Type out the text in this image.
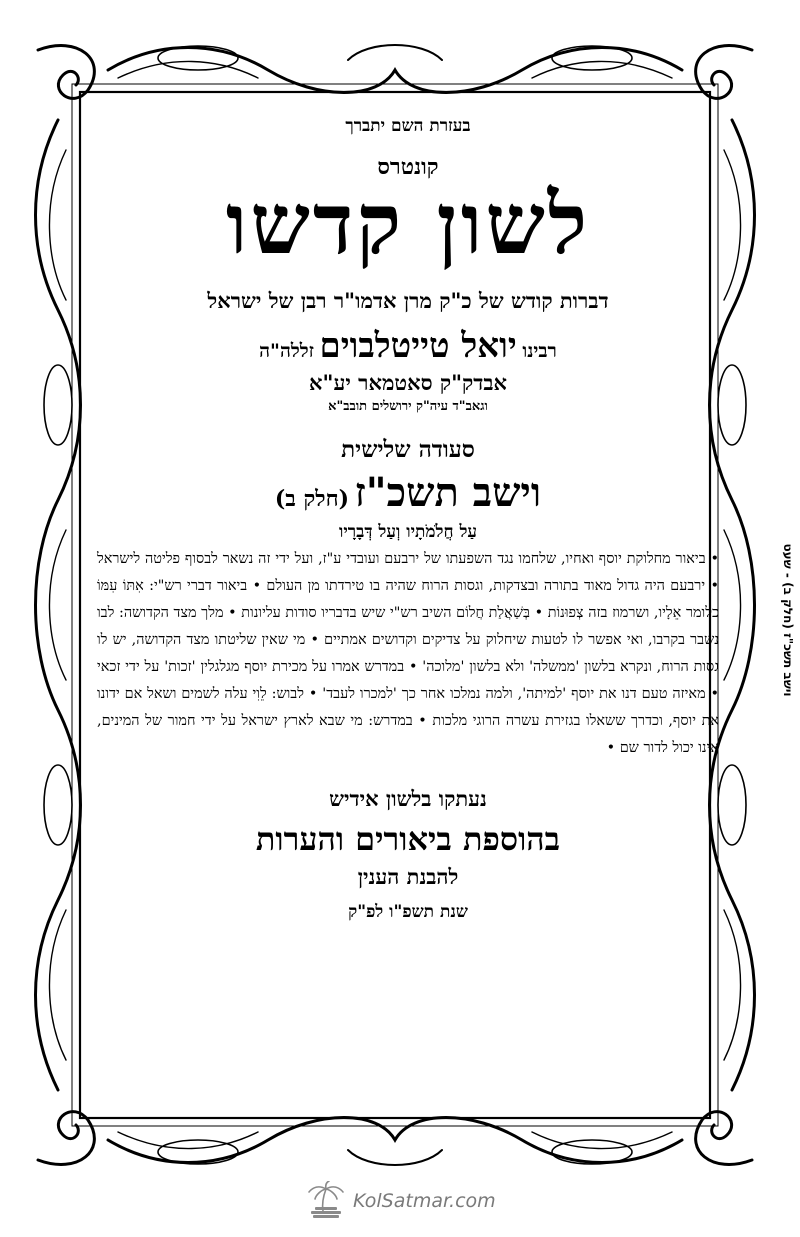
וישב תשכ"ז (חלק ב) - שעט

בעזרת השם יתברך

קונטרס

לשון קדשו

דברות קודש של כ"ק מרן אדמו"ר רבן של ישראל

רבינו יואל טייטלבוים זללה"ה

אבדק"ק סאטמאר יע"א

וגאב"ד עיה"ק ירושלים תובב"א

סעודה שלישית

וישב תשכ"ז (חלק ב)

עַל חֲלֹמֹתָיו וְעַל דְּבָרָיו

• ביאור מחלוקת יוסף ואחיו, שלחמו נגד השפעתו של ירבעם ועובדי ע"ז, ועל ידי זה נשאר לבסוף פליטה לישראל • ירבעם היה גדול מאוד בתורה ובצדקות, וגסות הרוח שהיה בו טירדתו מן העולם • ביאור דברי רש"י: אִתּוֹ עִמּוֹ כלומר אֵלָיו, ושרמוז בזה צְפוּנוֹת • בְּשַׁאֲלַת חֲלוֹם השיב רש"י שיש בדבריו סודות עליונות • מלך מצד הקדושה: לבו נשבר בקרבו, ואי אפשר לו לטעות שיחלוק על צדיקים וקדושים אמתיים • מי שאין שליטתו מצד הקדושה, יש לו גסות הרוח, ונקרא בלשון 'ממשלה' ולא בלשון 'מלוכה' • במדרש אמרו על מכירת יוסף מגלגלין 'זכות' על ידי זכאי • מאיזה טעם דנו את יוסף 'למיתה', ולמה נמלכו אחר כך 'למכרו לעבד' • לבוש: לֵוִי עלה לשמים ושאל אם ידונו את יוסף, וכדרך ששאלו בגזירת עשרה הרוגי מלכות • במדרש: מי שבא לארץ ישראל על ידי חמור של המינים, אינו יכול לדור שם •

נעתקו בלשון אידיש

בהוספת ביאורים והערות

להבנת הענין

שנת תשפ"ו לפ"ק

KolSatmar.com
